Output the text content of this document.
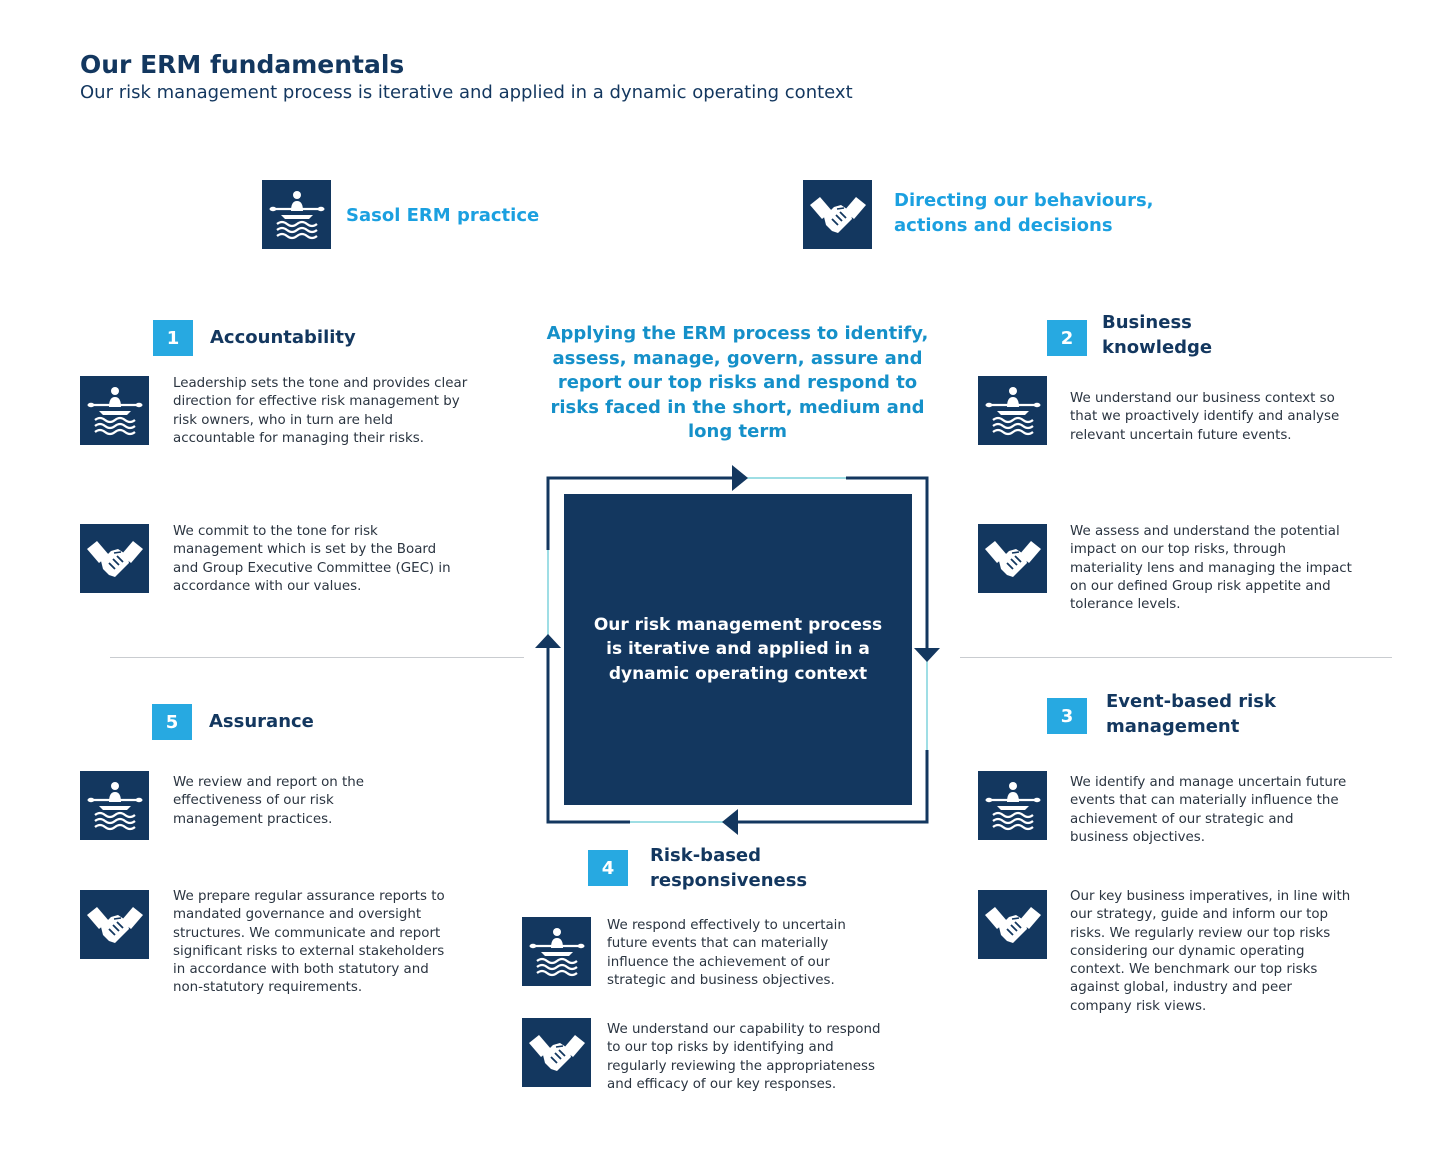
Our ERM fundamentals
Our risk management process is iterative and applied in a dynamic operating context
Sasol ERM practice
Directing our behaviours,
actions and decisions
Applying the ERM process to identify,
assess, manage, govern, assure and
report our top risks and respond to
risks faced in the short, medium and
long term
Our risk management process
is iterative and applied in a
dynamic operating context
1	Accountability
Leadership sets the tone and provides clear
direction for effective risk management by
risk owners, who in turn are held
accountable for managing their risks.
We commit to the tone for risk
management which is set by the Board
and Group Executive Committee (GEC) in
accordance with our values.
2
Business
knowledge
We understand our business context so
that we proactively identify and analyse
relevant uncertain future events.
We assess and understand the potential
impact on our top risks, through
materiality lens and managing the impact
on our defined Group risk appetite and
tolerance levels.
3
Event-based risk
management
We identify and manage uncertain future
events that can materially influence the
achievement of our strategic and
business objectives.
Our key business imperatives, in line with
our strategy, guide and inform our top
risks. We regularly review our top risks
considering our dynamic operating
context. We benchmark our top risks
against global, industry and peer
company risk views.
4
Risk-based
responsiveness
We respond effectively to uncertain
future events that can materially
influence the achievement of our
strategic and business objectives.
We understand our capability to respond
to our top risks by identifying and
regularly reviewing the appropriateness
and efficacy of our key responses.
5	Assurance
We review and report on the
effectiveness of our risk
management practices.
We prepare regular assurance reports to
mandated governance and oversight
structures. We communicate and report
significant risks to external stakeholders
in accordance with both statutory and
non-statutory requirements.
